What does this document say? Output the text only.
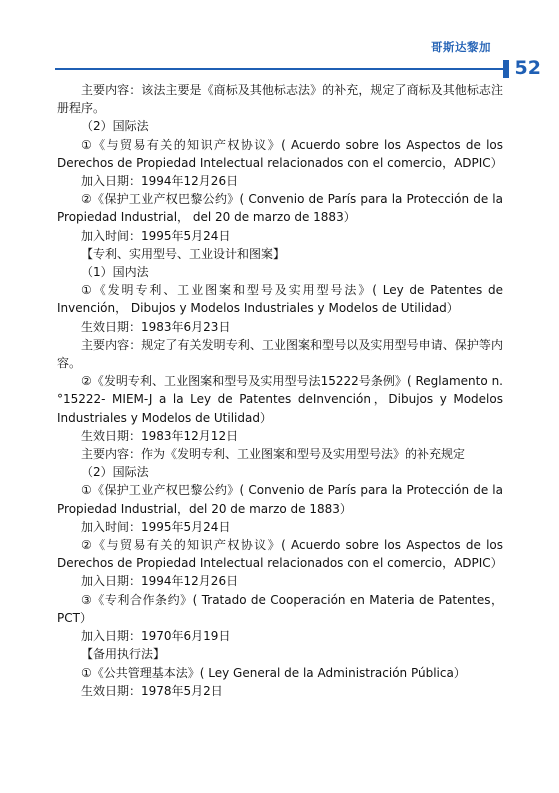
哥斯达黎加
52

主要内容：该法主要是《商标及其他标志法》的补充，规定了商标及其他标志注册程序。

（2）国际法

①《与贸易有关的知识产权协议》( Acuerdo sobre los Aspectos de los Derechos de Propiedad Intelectual relacionados con el comercio，ADPIC）

加入日期：1994年12月26日

②《保护工业产权巴黎公约》( Convenio de París para la Protección de la Propiedad Industrial， del 20 de marzo de 1883）

加入时间：1995年5月24日

【专利、实用型号、工业设计和图案】

（1）国内法

①《发明专利、工业图案和型号及实用型号法》( Ley de Patentes de Invención， Dibujos y Modelos Industriales y Modelos de Utilidad）

生效日期：1983年6月23日

主要内容：规定了有关发明专利、工业图案和型号以及实用型号申请、保护等内容。

②《发明专利、工业图案和型号及实用型号法15222号条例》( Reglamento n.°15222- MIEM-J a la Ley de Patentes deInvención，Dibujos y Modelos Industriales y Modelos de Utilidad）

生效日期：1983年12月12日

主要内容：作为《发明专利、工业图案和型号及实用型号法》的补充规定

（2）国际法

①《保护工业产权巴黎公约》( Convenio de París para la Protección de la Propiedad Industrial，del 20 de marzo de 1883）

加入时间：1995年5月24日

②《与贸易有关的知识产权协议》( Acuerdo sobre los Aspectos de los Derechos de Propiedad Intelectual relacionados con el comercio，ADPIC）

加入日期：1994年12月26日

③《专利合作条约》( Tratado de Cooperación en Materia de Patentes，PCT）

加入日期：1970年6月19日

【备用执行法】

①《公共管理基本法》( Ley General de la Administración Pública）

生效日期：1978年5月2日
